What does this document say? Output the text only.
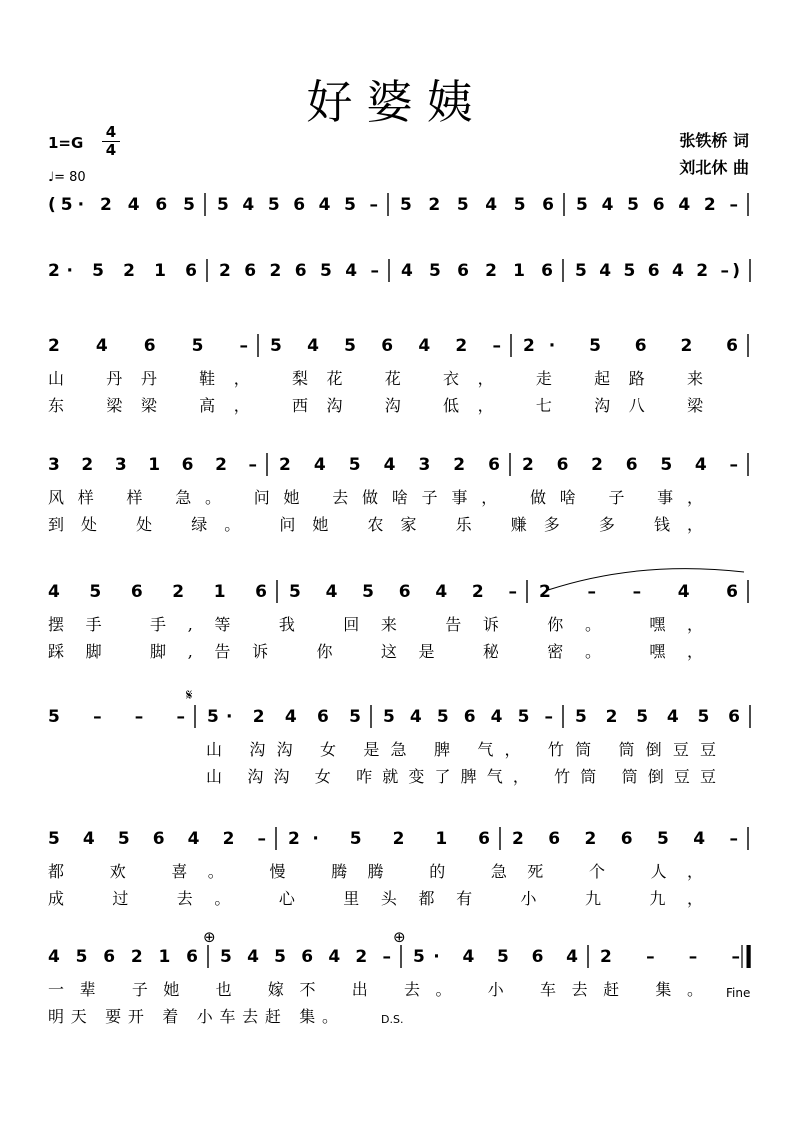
(5· 2 4 6 5 5 4 5 6 4 5 – 5 2 5 4 5 6 5 4 5 6 4 2 –
2· 5 2 1 6 2 6 2 6 5 4 – 4 5 6 2 1 6 5 4 5 6 4 2 –)
2 4 6 5 – 5 4 5 6 4 2 – 2· 5 6 2 6
山 丹丹 鞋， 梨花 花 衣， 走 起路 来
东 梁梁 高， 西沟 沟 低， 七 沟八 梁
3 2 3 1 6 2 – 2 4 5 4 3 2 6 2 6 2 6 5 4 –
风样 样 急。 问她 去做啥子事， 做啥 子 事，
到处 处 绿。 问她 农家 乐 赚多 多 钱，
4 5 6 2 1 6 5 4 5 6 4 2 – 2 – – 4 6
摆手 手,等 我 回来 告诉 你。 嘿，
踩脚 脚,告诉 你 这是 秘 密。 嘿，
5 – – – 5· 2 4 6 5 5 4 5 6 4 5 – 5 2 5 4 5 6
山 沟沟 女 是急 脾 气， 竹筒 筒倒豆豆
山 沟沟 女 咋就变了脾气， 竹筒 筒倒豆豆
5 4 5 6 4 2 – 2· 5 2 1 6 2 6 2 6 5 4 –
都 欢 喜。 慢 腾腾 的 急死 个 人，
成 过 去。 心 里头都有 小 九 九，
4 5 6 2 1 6 5 4 5 6 4 2 – 5· 4 5 6 4 2 – – –
一辈 子她 也 嫁不 出 去。 小 车去赶 集。
明天 要开 着 小车去赶 集。
好婆姨
$1=G \frac{4}{4}$
♩= 80
张铁桥 词
刘北休 曲
𝄋
⊕	⊕
Fine
D.S.
